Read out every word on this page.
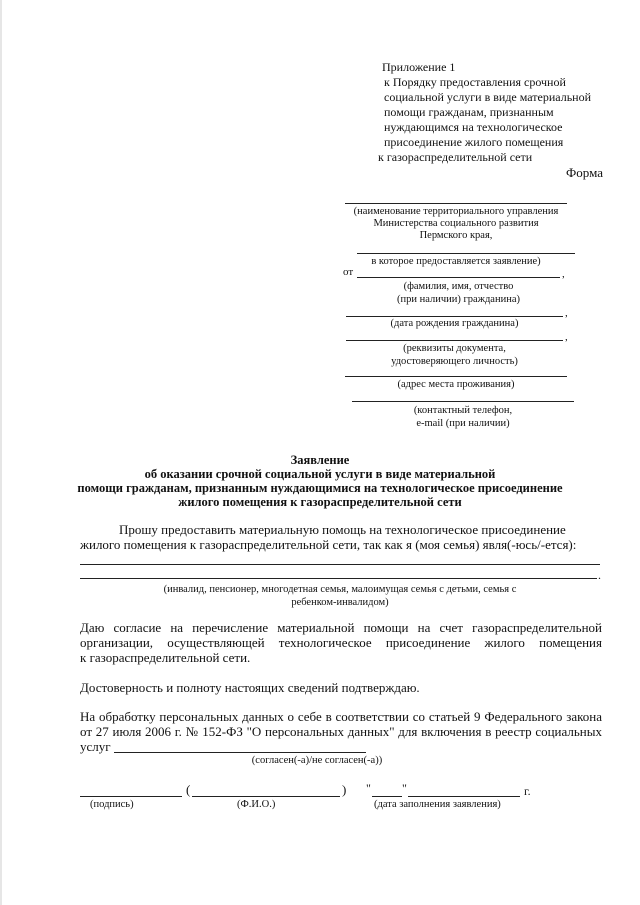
Приложение 1
к Порядку предоставления срочной
социальной услуги в виде материальной
помощи гражданам, признанным
нуждающимся на технологическое
присоединение жилого помещения
к газораспределительной сети
Форма
(наименование территориального управления
Министерства социального развития
Пермского края,
в которое предоставляется заявление)
от	,
(фамилия, имя, отчество
(при наличии) гражданина)
,
(дата рождения гражданина)
,
(реквизиты документа,
удостоверяющего личность)
(адрес места проживания)
(контактный телефон,
e-mail (при наличии)
Заявление
об оказании срочной социальной услуги в виде материальной
помощи гражданам, признанным нуждающимися на технологическое присоединение
жилого помещения к газораспределительной сети
Прошу предоставить материальную помощь на технологическое присоединение
жилого помещения к газораспределительной сети, так как я (моя семья) явля(-юсь/-ется):
.
(инвалид, пенсионер, многодетная семья, малоимущая семья с детьми, семья с
ребенком-инвалидом)
Даю согласие на перечисление материальной помощи на счет газораспределительной
организации, осуществляющей технологическое присоединение жилого помещения
к газораспределительной сети.
Достоверность и полноту настоящих сведений подтверждаю.
На обработку персональных данных о себе в соответствии со статьей 9 Федерального закона
от 27 июля 2006 г. № 152-ФЗ "О персональных данных" для включения в реестр социальных
услуг
(согласен(-а)/не согласен(-а))
(	) "	"	г.
(подпись)	(Ф.И.О.)	(дата заполнения заявления)
